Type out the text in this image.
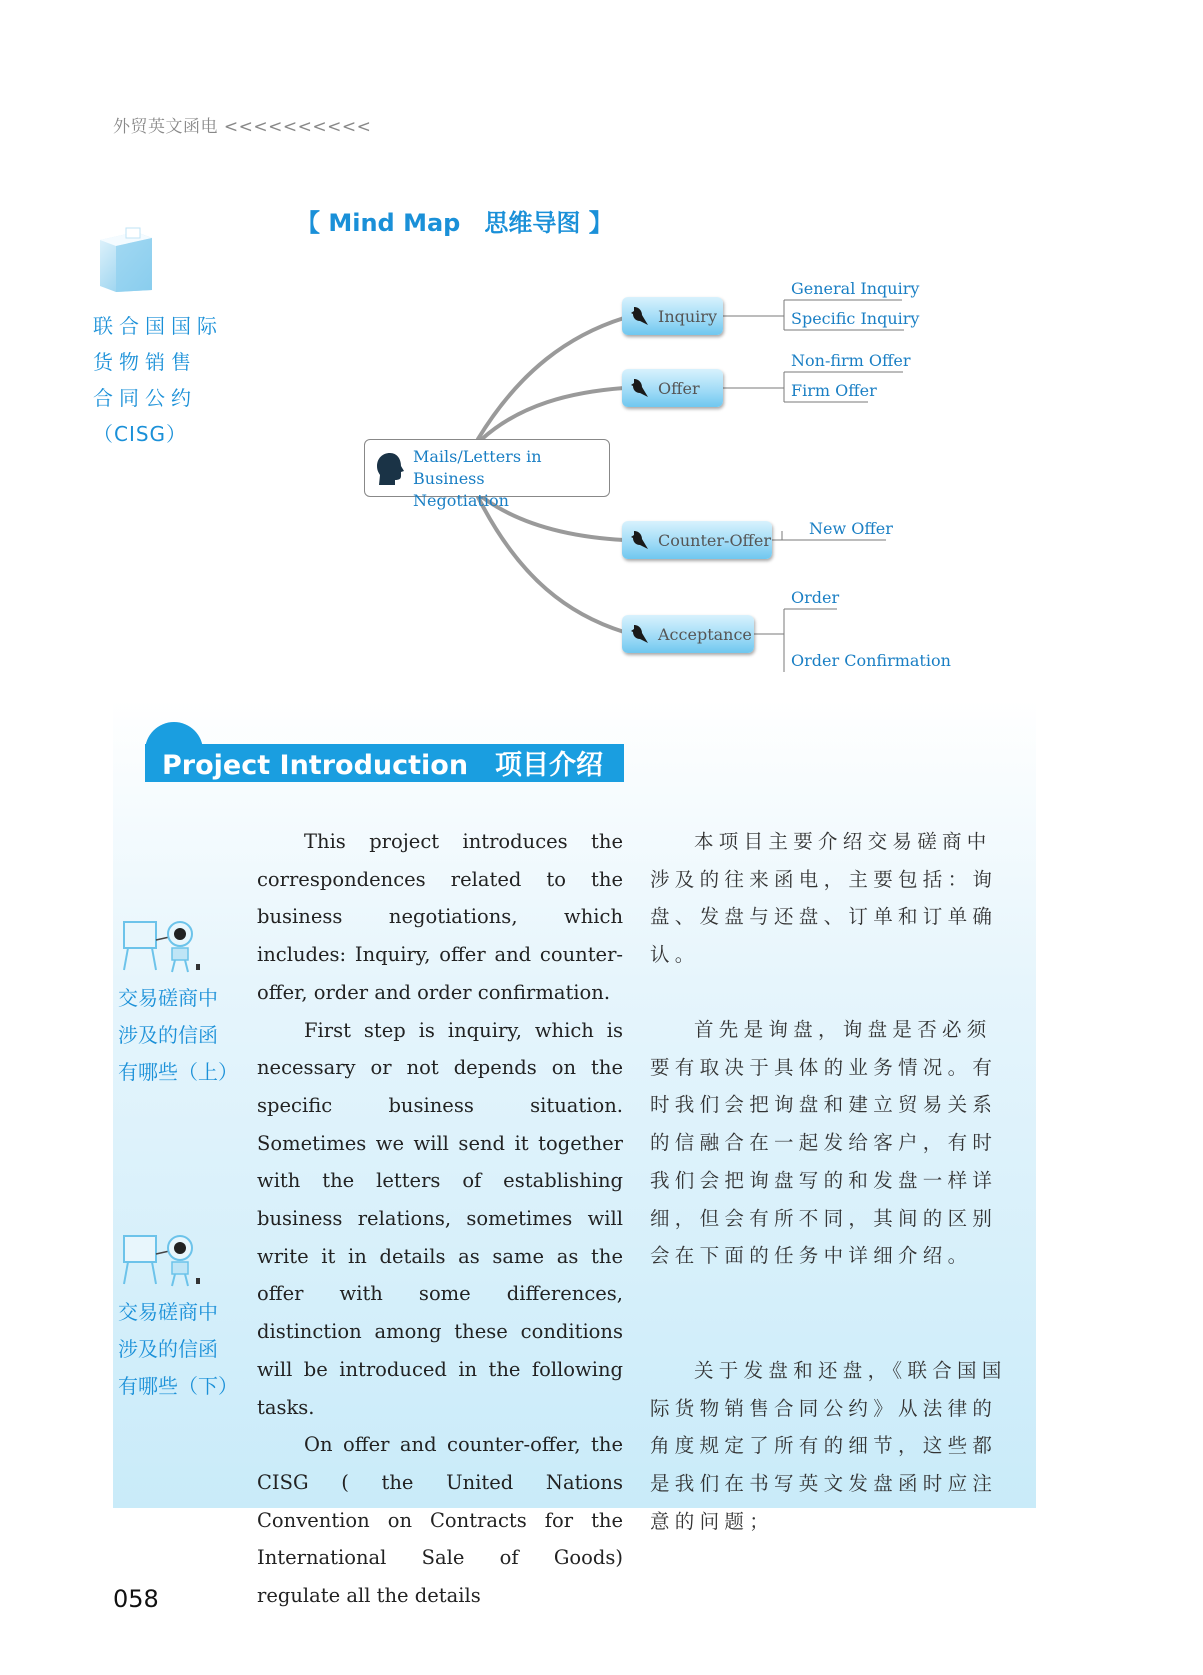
外贸英文函电 <<<<<<<<<<
【 Mind Map　思维导图 】
联合国国际
货物销售
合同公约
（CISG）
Mails/Letters in Business
Negotiation
Inquiry
Offer
Counter-Offer
Acceptance
General Inquiry
Specific Inquiry
Non-firm Offer
Firm Offer
New Offer
Order
Order Confirmation
Project Introduction　项目介绍
交易磋商中
涉及的信函
有哪些（上）
交易磋商中
涉及的信函
有哪些（下）

This project introduces the correspondences related to the business negotiations, which includes: Inquiry, offer and counter-offer, order and order confirmation.

First step is inquiry, which is necessary or not depends on the specific business situation. Sometimes we will send it together with the letters of establishing business relations, sometimes will write it in details as same as the offer with some differences, distinction among these conditions will be introduced in the following tasks.

On offer and counter-offer, the CISG ( the United Nations Convention on Contracts for the International Sale of Goods) regulate all the details

本项目主要介绍交易磋商中涉及的往来函电，主要包括：询盘、发盘与还盘、订单和订单确认。

首先是询盘，询盘是否必须要有取决于具体的业务情况。有时我们会把询盘和建立贸易关系的信融合在一起发给客户，有时我们会把询盘写的和发盘一样详细，但会有所不同，其间的区别会在下面的任务中详细介绍。

关于发盘和还盘，《联合国国际货物销售合同公约》从法律的角度规定了所有的细节，这些都是我们在书写英文发盘函时应注意的问题；

058
